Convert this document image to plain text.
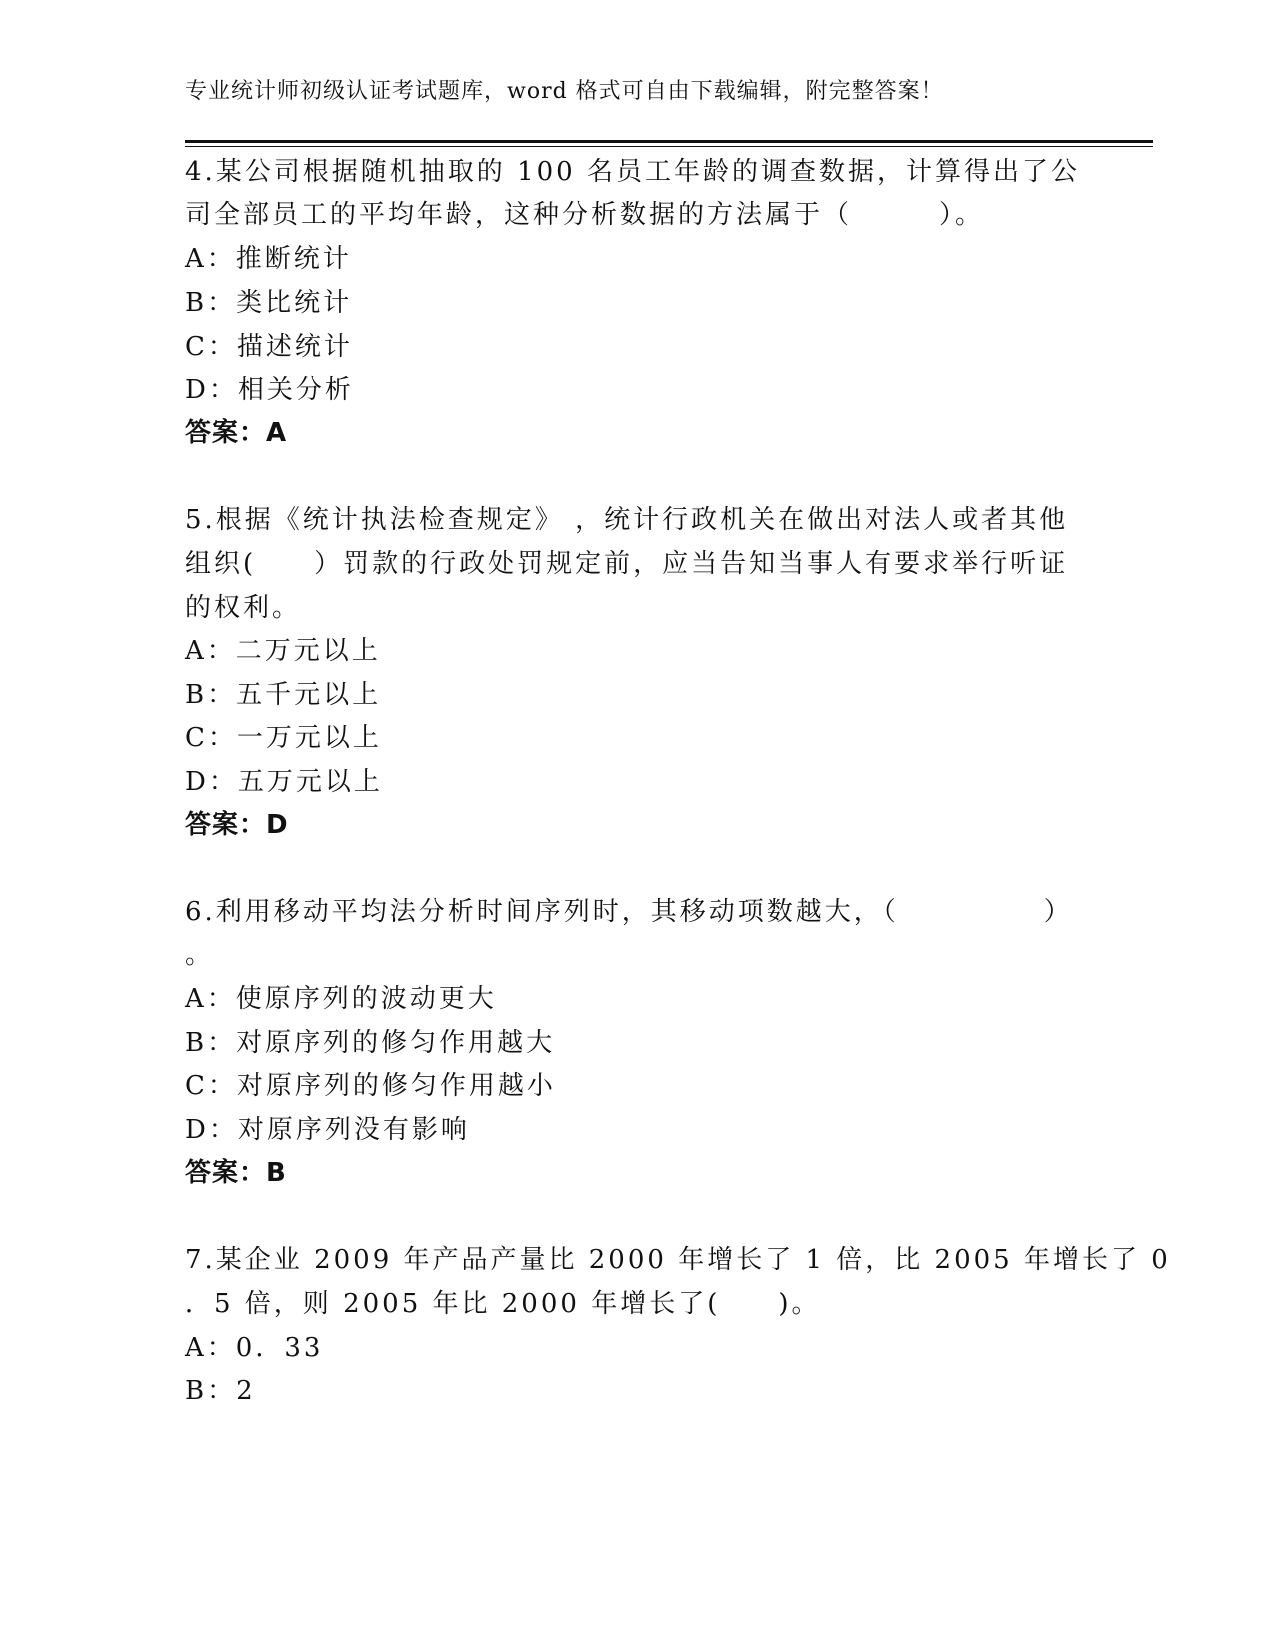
专业统计师初级认证考试题库，word 格式可自由下载编辑，附完整答案！
4.某公司根据随机抽取的 100 名员工年龄的调查数据，计算得出了公
司全部员工的平均年龄，这种分析数据的方法属于（　　　）。
A：推断统计
B：类比统计
C：描述统计
D：相关分析
答案：A
5.根据《统计执法检查规定》 ，统计行政机关在做出对法人或者其他
组织(　　）罚款的行政处罚规定前，应当告知当事人有要求举行听证
的权利。
A：二万元以上
B：五千元以上
C：一万元以上
D：五万元以上
答案：D
6.利用移动平均法分析时间序列时，其移动项数越大，（　　　　　）
。
A：使原序列的波动更大
B：对原序列的修匀作用越大
C：对原序列的修匀作用越小
D：对原序列没有影响
答案：B
7.某企业 2009 年产品产量比 2000 年增长了 1 倍，比 2005 年增长了 0
．5 倍，则 2005 年比 2000 年增长了(　　)。
A：0．33
B：2
